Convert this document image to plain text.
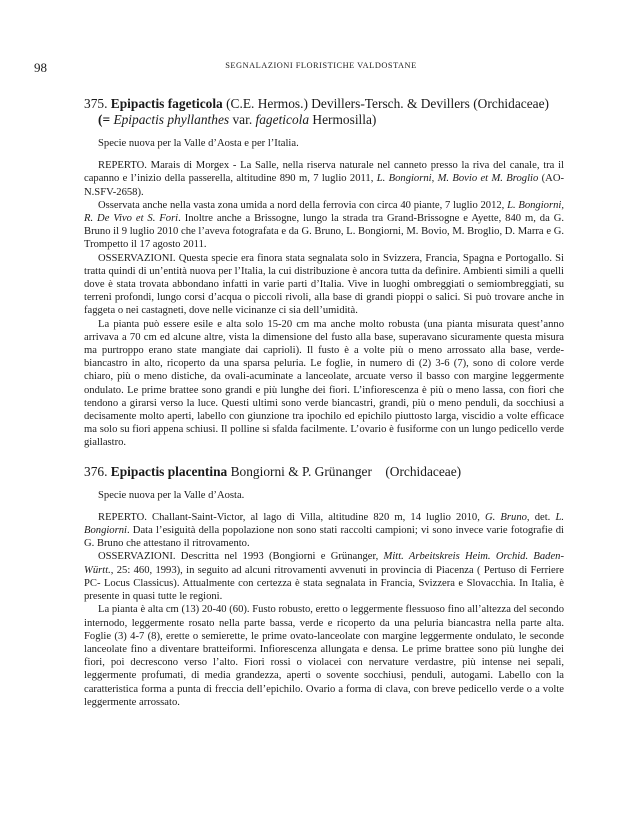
98	SEGNALAZIONI FLORISTICHE VALDOSTANE

375. Epipactis fageticola (C.E. Hermos.) Devillers-Tersch. & Devillers (Orchidaceae)

(= Epipactis phyllanthes var. fageticola Hermosilla)

Specie nuova per la Valle d’Aosta e per l’Italia.

REPERTO. Marais di Morgex - La Salle, nella riserva naturale nel canneto presso la riva del canale, tra il capanno e l’inizio della passerella, altitudine 890 m, 7 luglio 2011, L. Bongiorni, M. Bovio et M. Broglio (AO-N.SFV-2658).

Osservata anche nella vasta zona umida a nord della ferrovia con circa 40 piante, 7 luglio 2012, L. Bongiorni, R. De Vivo et S. Fori. Inoltre anche a Brissogne, lungo la strada tra Grand-Brissogne e Ayette, 840 m, da G. Bruno il 9 luglio 2010 che l’aveva fotografata e da G. Bruno, L. Bongiorni, M. Bovio, M. Broglio, D. Marra e G. Trompetto il 17 agosto 2011.

OSSERVAZIONI. Questa specie era finora stata segnalata solo in Svizzera, Francia, Spagna e Portogallo. Si tratta quindi di un’entità nuova per l’Italia, la cui distribuzione è ancora tutta da definire. Ambienti simili a quelli dove è stata trovata abbondano infatti in varie parti d’Italia. Vive in luoghi ombreggiati o semiombreggiati, su terreni profondi, lungo corsi d’acqua o piccoli rivoli, alla base di grandi pioppi o salici. Si può trovare anche in faggeta o nei castagneti, dove nelle vicinanze ci sia dell’umidità.

La pianta può essere esile e alta solo 15-20 cm ma anche molto robusta (una pianta misurata quest’anno arrivava a 70 cm ed alcune altre, vista la dimensione del fusto alla base, superavano sicuramente questa misura ma purtroppo erano state mangiate dai caprioli). Il fusto è a volte più o meno arrossato alla base, verde-biancastro in alto, ricoperto da una sparsa peluria. Le foglie, in numero di (2) 3-6 (7), sono di colore verde chiaro, più o meno distiche, da ovali-acuminate a lanceolate, arcuate verso il basso con margine leggermente ondulato. Le prime brattee sono grandi e più lunghe dei fiori. L’infiorescenza è più o meno lassa, con fiori che tendono a girarsi verso la luce. Questi ultimi sono verde biancastri, grandi, più o meno penduli, da socchiusi a decisamente molto aperti, labello con giunzione tra ipochilo ed epichilo piuttosto larga, viscidio a volte efficace ma solo su fiori appena schiusi. Il polline si sfalda facilmente. L’ovario è fusiforme con un lungo pedicello verde giallastro.

376. Epipactis placentina Bongiorni & P. Grünanger    (Orchidaceae)

Specie nuova per la Valle d’Aosta.

REPERTO. Challant-Saint-Victor, al lago di Villa, altitudine 820 m, 14 luglio 2010, G. Bruno, det. L. Bongiorni. Data l’esiguità della popolazione non sono stati raccolti campioni; vi sono invece varie fotografie di G. Bruno che attestano il ritrovamento.

OSSERVAZIONI. Descritta nel 1993 (Bongiorni e Grünanger, Mitt. Arbeitskreis Heim. Orchid. Baden-Württ., 25: 460, 1993), in seguito ad alcuni ritrovamenti avvenuti in provincia di Piacenza ( Pertuso di Ferriere PC- Locus Classicus). Attualmente con certezza è stata segnalata in Francia, Svizzera e Slovacchia. In Italia, è presente in quasi tutte le regioni.

La pianta è alta cm (13) 20-40 (60). Fusto robusto, eretto o leggermente flessuoso fino all’altezza del secondo internodo, leggermente rosato nella parte bassa, verde e ricoperto da una peluria biancastra nella parte alta. Foglie (3) 4-7 (8), erette o semierette, le prime ovato-lanceolate con margine leggermente ondulato, le seconde lanceolate fino a diventare bratteiformi. Infiorescenza allungata e densa. Le prime brattee sono più lunghe dei fiori, poi decrescono verso l’alto. Fiori rossi o violacei con nervature verdastre, più intense nei sepali, leggermente profumati, di media grandezza, aperti o sovente socchiusi, penduli, autogami. Labello con la caratteristica forma a punta di freccia dell’epichilo. Ovario a forma di clava, con breve pedicello verde o a volte leggermente arrossato.
